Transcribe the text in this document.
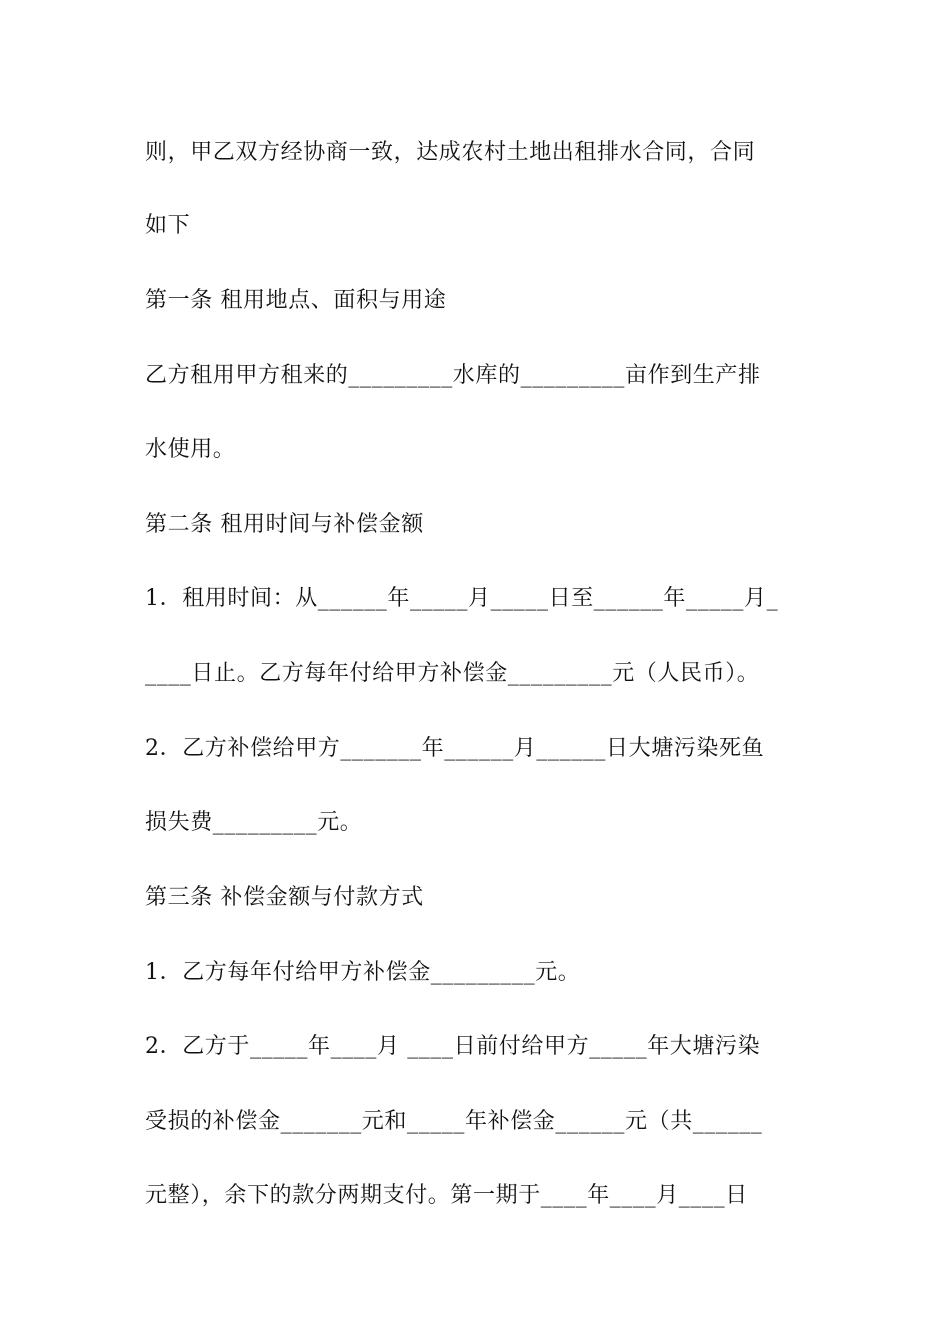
则，甲乙双方经协商一致，达成农村土地出租排水合同，合同
如下
第一条 租用地点、面积与用途
乙方租用甲方租来的_________水库的_________亩作到生产排
水使用。
第二条 租用时间与补偿金额
1．租用时间：从______年_____月_____日至______年_____月_
____日止。乙方每年付给甲方补偿金_________元（人民币）。
2．乙方补偿给甲方_______年______月______日大塘污染死鱼
损失费_________元。
第三条 补偿金额与付款方式
1．乙方每年付给甲方补偿金_________元。
2．乙方于_____年____月 ____日前付给甲方_____年大塘污染
受损的补偿金_______元和_____年补偿金______元（共______
元整），余下的款分两期支付。第一期于____年____月____日
